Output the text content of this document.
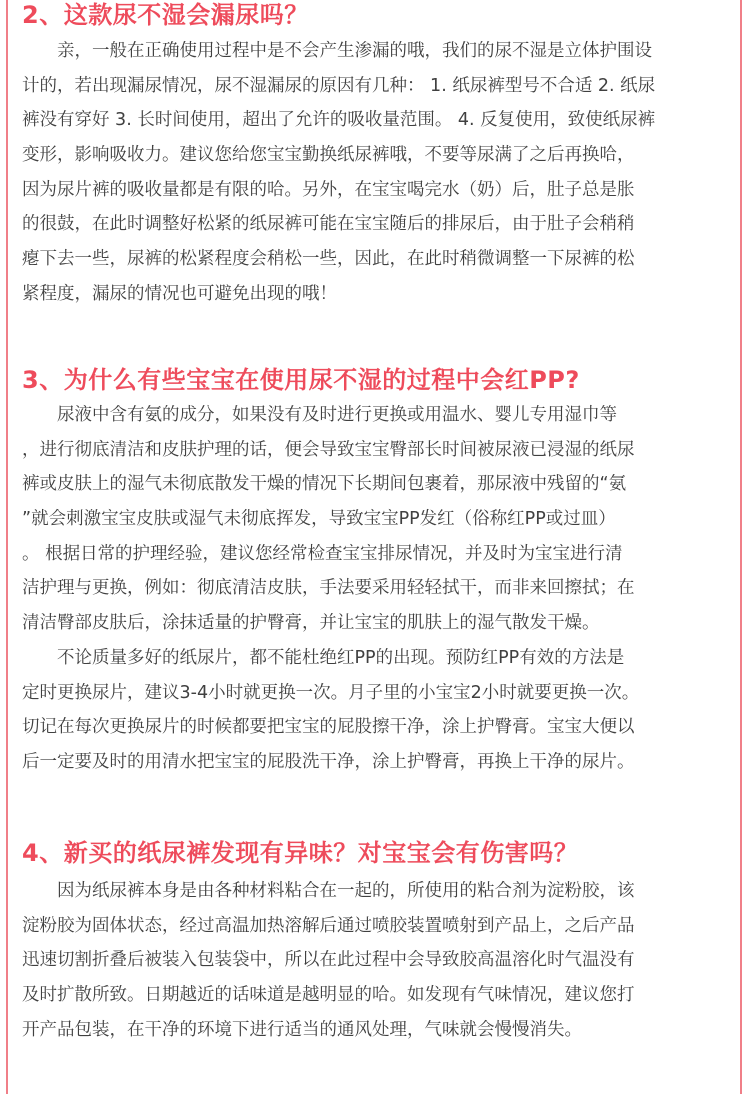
2、这款尿不湿会漏尿吗？
　　亲，一般在正确使用过程中是不会产生渗漏的哦，我们的尿不湿是立体护围设
计的，若出现漏尿情况，尿不湿漏尿的原因有几种： 1. 纸尿裤型号不合适 2. 纸尿
裤没有穿好 3. 长时间使用，超出了允许的吸收量范围。 4. 反复使用，致使纸尿裤
变形，影响吸收力。建议您给您宝宝勤换纸尿裤哦，不要等尿满了之后再换哈，
因为尿片裤的吸收量都是有限的哈。另外，在宝宝喝完水（奶）后，肚子总是胀
的很鼓，在此时调整好松紧的纸尿裤可能在宝宝随后的排尿后，由于肚子会稍稍
瘪下去一些，尿裤的松紧程度会稍松一些，因此，在此时稍微调整一下尿裤的松
紧程度，漏尿的情况也可避免出现的哦！
3、为什么有些宝宝在使用尿不湿的过程中会红PP?
　　尿液中含有氨的成分，如果没有及时进行更换或用温水、婴儿专用湿巾等
，进行彻底清洁和皮肤护理的话，便会导致宝宝臀部长时间被尿液已浸湿的纸尿
裤或皮肤上的湿气未彻底散发干燥的情况下长期间包裹着，那尿液中残留的“氨
”就会刺激宝宝皮肤或湿气未彻底挥发，导致宝宝PP发红（俗称红PP或过皿）
。 根据日常的护理经验，建议您经常检查宝宝排尿情况，并及时为宝宝进行清
洁护理与更换，例如：彻底清洁皮肤，手法要采用轻轻拭干，而非来回擦拭；在
清洁臀部皮肤后，涂抹适量的护臀膏，并让宝宝的肌肤上的湿气散发干燥。
　　不论质量多好的纸尿片，都不能杜绝红PP的出现。预防红PP有效的方法是
定时更换尿片，建议3-4小时就更换一次。月子里的小宝宝2小时就要更换一次。
切记在每次更换尿片的时候都要把宝宝的屁股擦干净，涂上护臀膏。宝宝大便以
后一定要及时的用清水把宝宝的屁股洗干净，涂上护臀膏，再换上干净的尿片。
4、新买的纸尿裤发现有异味？对宝宝会有伤害吗？
　　因为纸尿裤本身是由各种材料粘合在一起的，所使用的粘合剂为淀粉胶，该
淀粉胶为固体状态，经过高温加热溶解后通过喷胶装置喷射到产品上，之后产品
迅速切割折叠后被装入包装袋中，所以在此过程中会导致胶高温溶化时气温没有
及时扩散所致。日期越近的话味道是越明显的哈。如发现有气味情况，建议您打
开产品包装，在干净的环境下进行适当的通风处理，气味就会慢慢消失。
